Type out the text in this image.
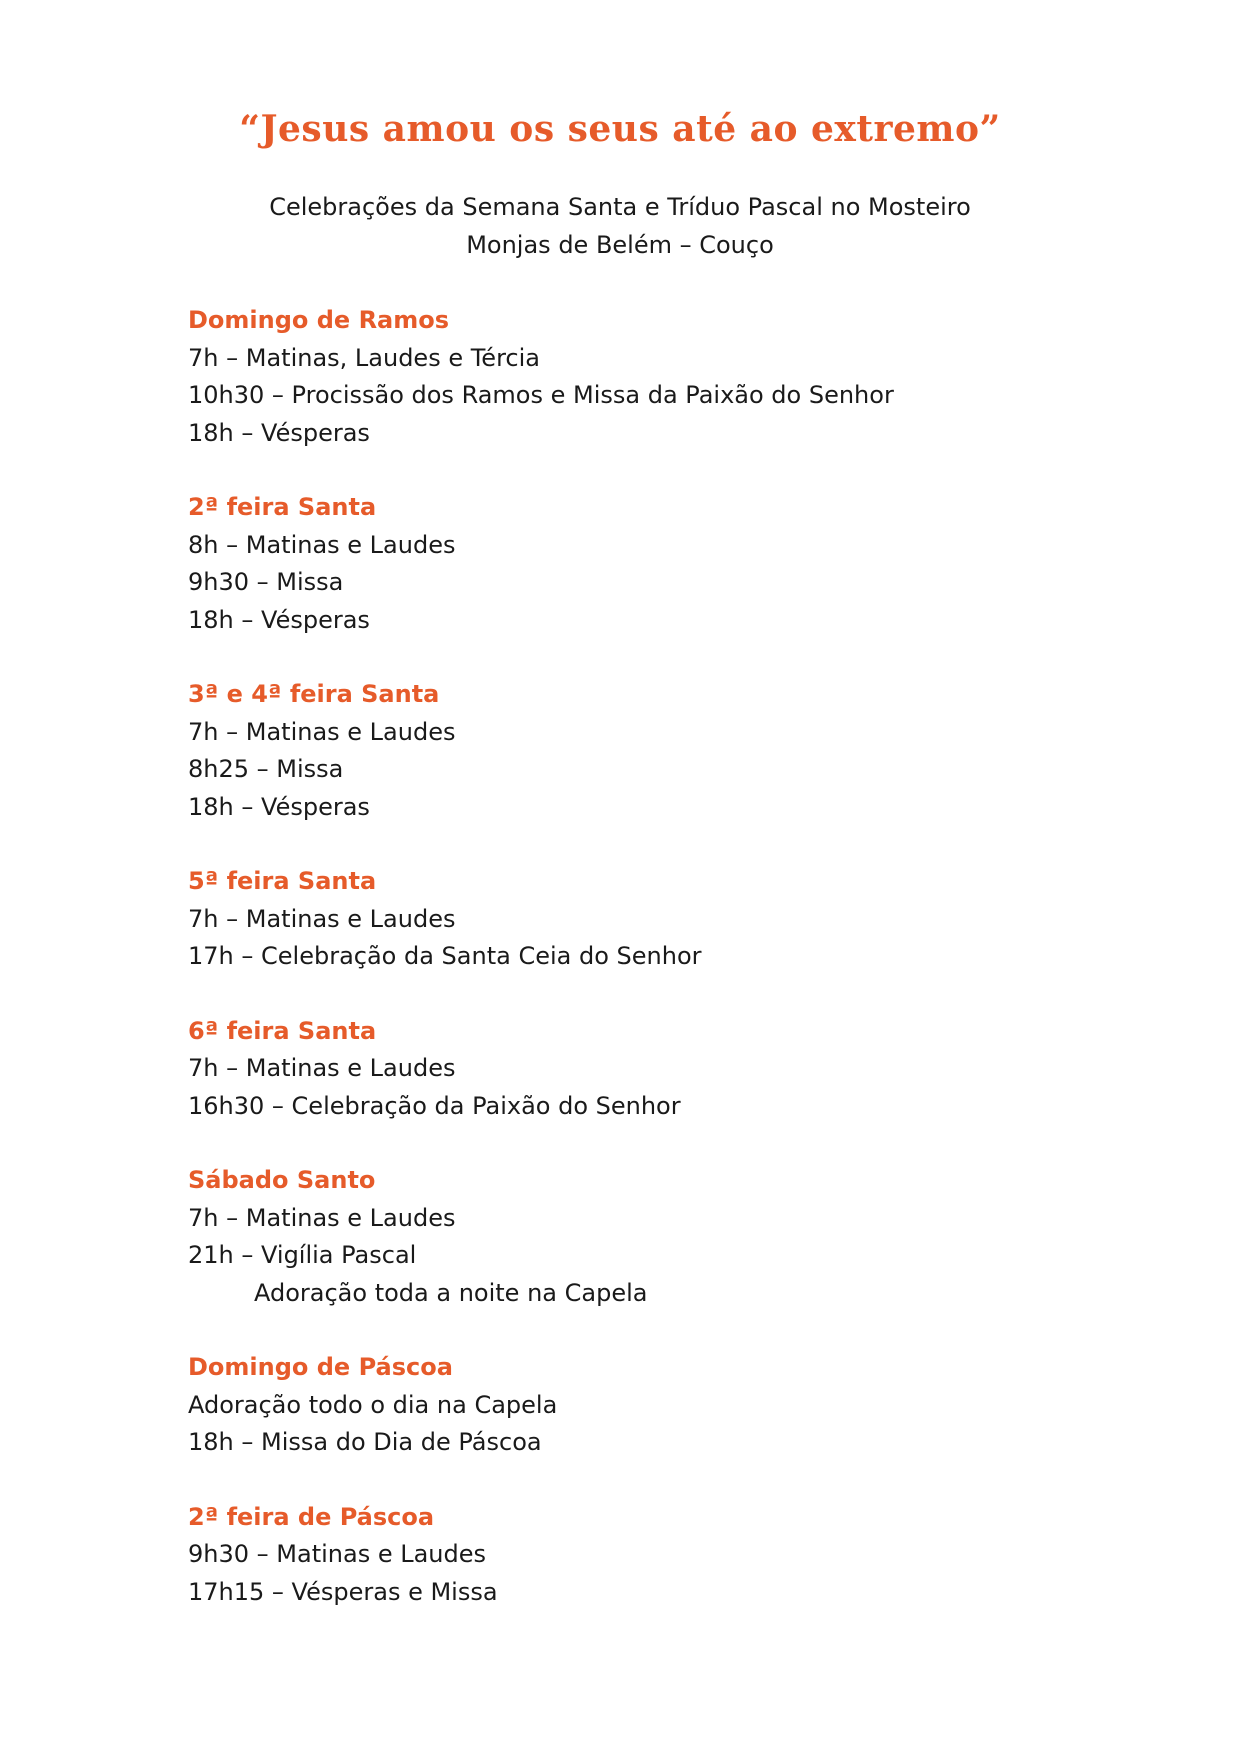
“Jesus amou os seus até ao extremo”
Celebrações da Semana Santa e Tríduo Pascal no Mosteiro
Monjas de Belém – Couço
Domingo de Ramos
7h – Matinas, Laudes e Tércia
10h30 – Procissão dos Ramos e Missa da Paixão do Senhor
18h – Vésperas
2ª feira Santa
8h – Matinas e Laudes
9h30 – Missa
18h – Vésperas
3ª e 4ª feira Santa
7h – Matinas e Laudes
8h25 – Missa
18h – Vésperas
5ª feira Santa
7h – Matinas e Laudes
17h – Celebração da Santa Ceia do Senhor
6ª feira Santa
7h – Matinas e Laudes
16h30 – Celebração da Paixão do Senhor
Sábado Santo
7h – Matinas e Laudes
21h – Vigília Pascal
Adoração toda a noite na Capela
Domingo de Páscoa
Adoração todo o dia na Capela
18h – Missa do Dia de Páscoa
2ª feira de Páscoa
9h30 – Matinas e Laudes
17h15 – Vésperas e Missa
